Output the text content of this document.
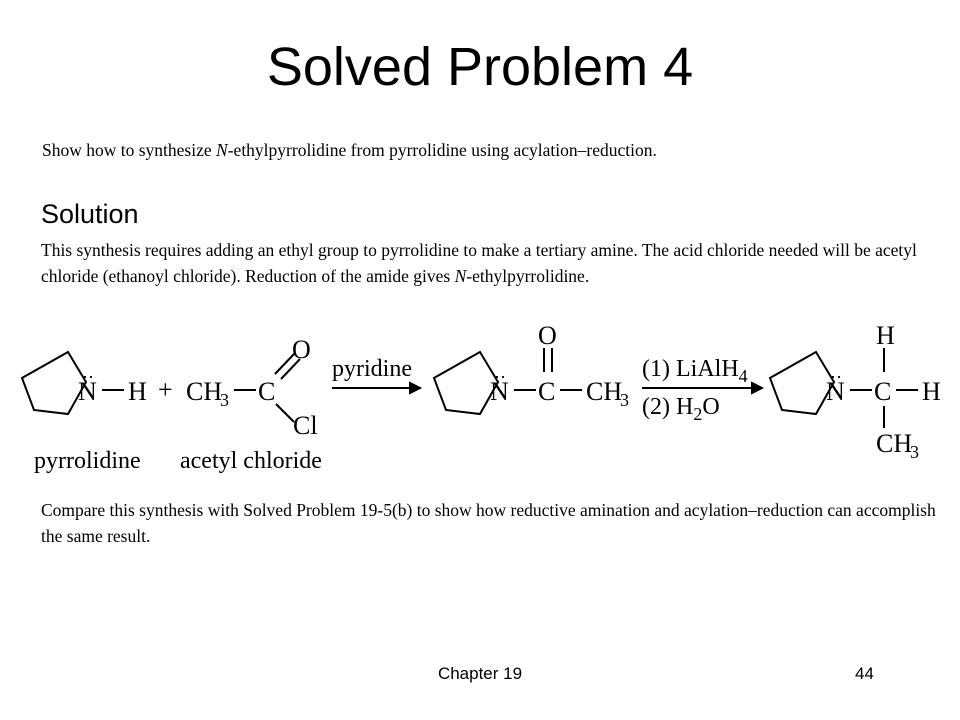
Solved Problem 4
Show how to synthesize N-ethylpyrrolidine from pyrrolidine using acylation–reduction.
Solution
This synthesis requires adding an ethyl group to pyrrolidine to make a tertiary amine. The acid chloride needed will be acetyl chloride (ethanoyl chloride). Reduction of the amide gives N-ethylpyrrolidine.
․․
N H
pyrrolidine
+ CH
3 C
O
Cl
acetyl chloride
pyridine	․․
N C
O
CH
3
(1) LiAlH$_4$
(2) $H_2O$
․․
N C
H
H
CH
3
Compare this synthesis with Solved Problem 19-5(b) to show how reductive amination and acylation–reduction can accomplish the same result.
Chapter 19	44
